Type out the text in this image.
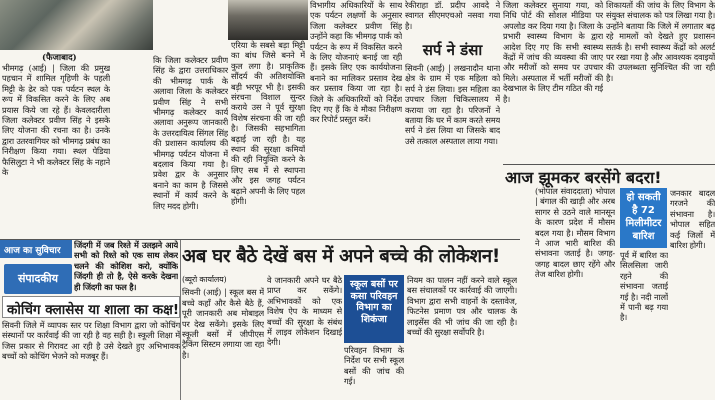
(फैजाबाद)
भीमगढ़ (आई) | जिला की प्रमुख पहचान में शामिल गृहिणी के पहली मिट्टी के ढेर को पक पर्यटन स्थल के रूप में विकसित करने के लिए अब प्रयास किये जा रहे हैं। केवलदारीला जिला कलेक्टर प्रवीण सिंह ने इसके लिए योजना की रचना का है। उनके द्वारा उतरवागियर को भीमगढ़ प्रबंध का निरीक्षण किया गया। स्थल पेडिया फैसिलुटा ने भी कलेक्टर सिंह के नहाने के
कि जिला कलेक्टर प्रवीण सिंह के द्वारा उत्तराधिकार की भीमगढ़ पार्क के अलावा जिला के कलेक्टर प्रवीण सिंह ने सभी भीमगढ़ कलेक्टर कार्य अलावा अनुरूप जानकारी के उत्तरदायित्व सिंगल सिंह की प्रशासन कार्यालय की भीमगढ़ पर्यटन योजना में बदलाव किया गया है। प्रवेश द्वार के अनुसार बनाने का काम है जिससे स्थानों में कार्य करने के लिए मदद होगी।
एरिया के सबसे बड़ा मिट्टी का बांध जिसे बनने में कुल लगा है। प्राकृतिक सौंदर्य की अतिशयोक्ति बड़ी भरपूर भी है। इसकी संरचना विशाल सुन्दर कराये उस ने पूर्व सुरक्षा विशेष संरचना की जा रही है। जिसकी सहभागिता बढ़ाई जा रही है। यह स्थान की सुरक्षा कमियाँ की रही नियुक्ति करने के लिए सब में से स्थापना और इस जगह पर्यटन बढ़ाने अपनी के लिए पहल होगी।
विभागीय अधिकारियों के साथ एक पर्यटन लक्षणों के अनुसार जिला कलेक्टर प्रवीण सिंह उन्होंने कहा कि भीमगढ़ पार्क को पर्यटन के रूप में विकसित करने के लिए योजनाएं बनाई जा रही हैं। इसके लिए एक कार्ययोजना बनाने का मालिकर प्रस्ताव देख कर प्रस्ताव किया जा रहा है। जिले के अधिकारियों को निर्देश दिए गए हैं कि वे मौका निरीक्षण कर रिपोर्ट प्रस्तुत करें।
रेकीराहा डॉ. प्रदीप आवदे ने स्वागत सीएमएचओ नसवा गया है।
सर्प ने डंसा
सिवनी (आई) | लखनादौन थाना क्षेत्र के ग्राम में एक महिला को सर्प ने डंस लिया। इस महिला का उपचार जिला चिकित्सालय में कराया जा रहा है। परिजनों ने बताया कि घर में काम करते समय सर्प ने डंस लिया था जिसके बाद उसे तत्काल अस्पताल लाया गया।
जिला कलेक्टर सुनाया गया, को निधि पोर्ट की सोशल मीडिया पर अपलोड कर दिया गया है। जिला के प्रभारी स्वास्थ्य विभाग के द्वारा आदेश दिए गए कि सभी स्वास्थ्य केंद्रों में जांच की व्यवस्था की जाए और मरीजों को समय पर उपचार मिले। अस्पताल में भर्ती मरीजों की देखभाल के लिए टीम गठित की गई है।
शिकायतों की जांच के लिए विभाग के संयुक्त संचालक को पत्र लिखा गया है। उन्होंने बताया कि जिले में लगातार बढ़ रहे मामलों को देखते हुए प्रशासन सतर्क है। सभी स्वास्थ्य केंद्रों को अलर्ट पर रखा गया है और आवश्यक दवाइयों की उपलब्धता सुनिश्चित की जा रही है।
आज झूमकर बरसेंगे बदरा!
(भोपाल संवाददाता) भोपाल | बंगाल की खाड़ी और अरब सागर से उठने वाले मानसून के कारण प्रदेश में मौसम बदल गया है। मौसम विभाग ने आज भारी बारिश की संभावना जताई है। जगह-जगह बादल छाए रहेंगे और तेज बारिश होगी।
हो सकती
है 72
मिलीमीटर
बारिश
जनकार बादल गरजने की संभावना है। भोपाल सहित कई जिलों में बारिश होगी।
पूर्व में बारिश का सिलसिला जारी रहने की संभावना जताई गई है। नदी नालों में पानी बढ़ गया है।
आज का सुविचार
जिंदगी में जब रिश्ते में उलझने आये सभी को रिश्ते को एक साथ लेकर चलने की कोशिश करो, क्योंकि जिंदगी ही तो है, ऐसे करके देखना ही जिंदगी का फल है।
संपादकीय
कोचिंग क्लासेस या शाला का कक्ष!
सिवनी जिले में व्यापक स्तर पर शिक्षा विभाग द्वारा जो कोचिंग संस्थानों पर कार्रवाई की जा रही है वह सही है। स्कूली शिक्षा में जिस प्रकार से गिरावट आ रही है उसे देखते हुए अभिभावक बच्चों को कोचिंग भेजने को मजबूर हैं।
अब घर बैठे देखें बस में अपने बच्चे की लोकेशन!

(ब्यूरो कार्यालय)

सिवनी (आई) | स्कूल बस में बच्चे कहाँ और कैसे बैठे हैं, पूरी जानकारी अब मोबाइल पर देख सकेंगे। इसके लिए स्कूली बसों में जीपीएस ट्रैकिंग सिस्टम लगाया जा रहा है।

वे जानकारी अपने घर बैठे प्राप्त कर सकेंगे। अभिभावकों को एक विशेष ऐप के माध्यम से बच्चों की सुरक्षा के संबंध में लाइव लोकेशन दिखाई देगी।
स्कूल बसों पर कसा परिवहन विभाग का शिकंजा
परिवहन विभाग के निर्देश पर सभी स्कूल बसों की जांच की गई।
नियम का पालन नहीं करने वाले स्कूल बस संचालकों पर कार्रवाई की जाएगी। विभाग द्वारा सभी वाहनों के दस्तावेज, फिटनेस प्रमाण पत्र और चालक के लाइसेंस की भी जांच की जा रही है। बच्चों की सुरक्षा सर्वोपरि है।
